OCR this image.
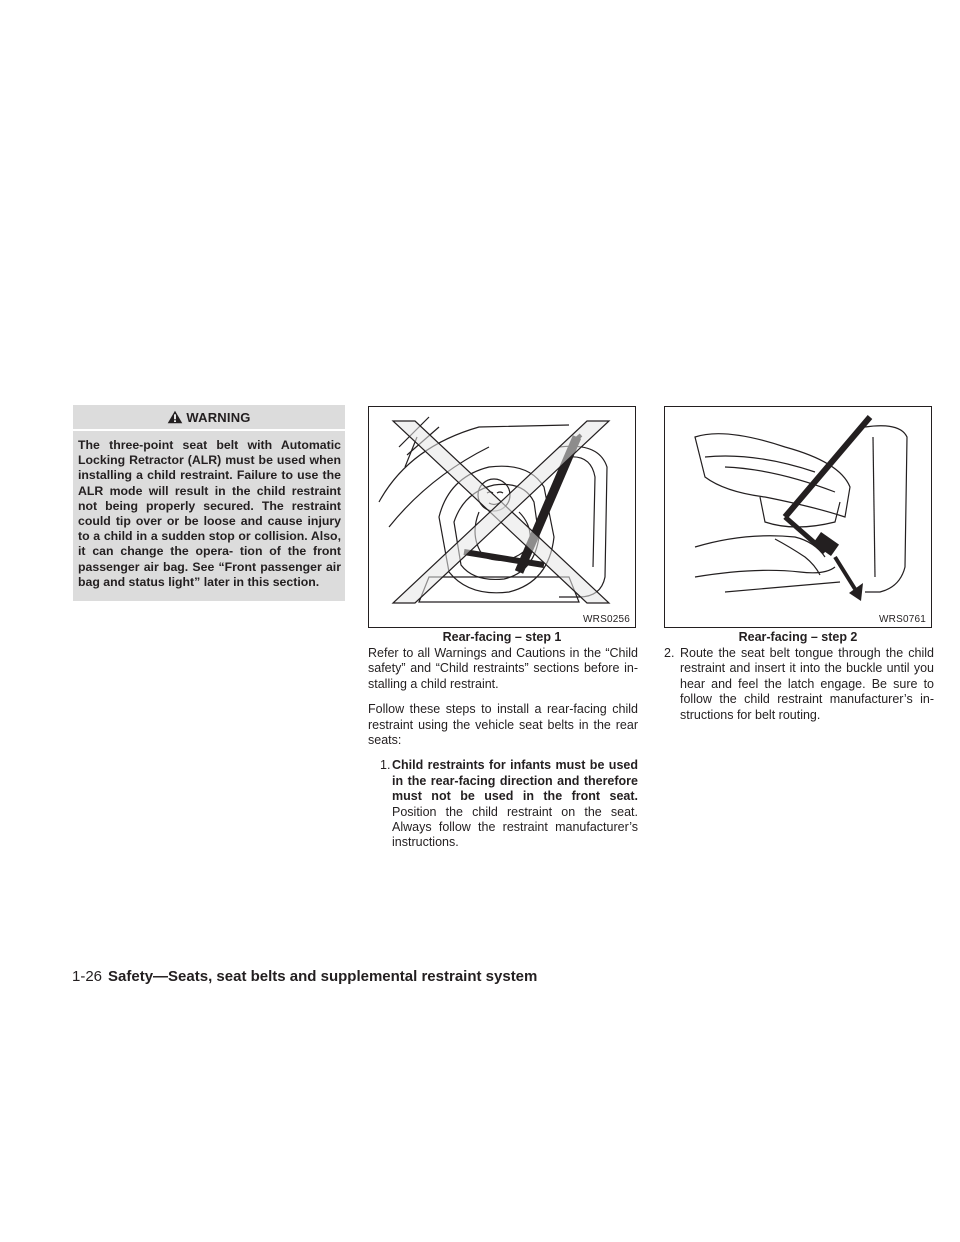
WARNING
The three-point seat belt with Automatic Locking Retractor (ALR) must be used when installing a child restraint. Failure to use the ALR mode will result in the child restraint not being properly secured. The restraint could tip over or be loose and cause injury to a child in a sudden stop or collision. Also, it can change the opera- tion of the front passenger air bag. See “Front passenger air bag and status light” later in this section.
WRS0256
Rear-facing – step 1
WRS0761
Rear-facing – step 2

Refer to all Warnings and Cautions in the “Child safety” and “Child restraints” sections before in- stalling a child restraint.

Follow these steps to install a rear-facing child restraint using the vehicle seat belts in the rear seats:

1. Child restraints for infants must be used in the rear-facing direction and therefore must not be used in the front seat. Position the child restraint on the seat. Always follow the restraint manufacturer’s instructions.
2. Route the seat belt tongue through the child restraint and insert it into the buckle until you hear and feel the latch engage. Be sure to follow the child restraint manufacturer’s in- structions for belt routing.
1-26 Safety—Seats, seat belts and supplemental restraint system
